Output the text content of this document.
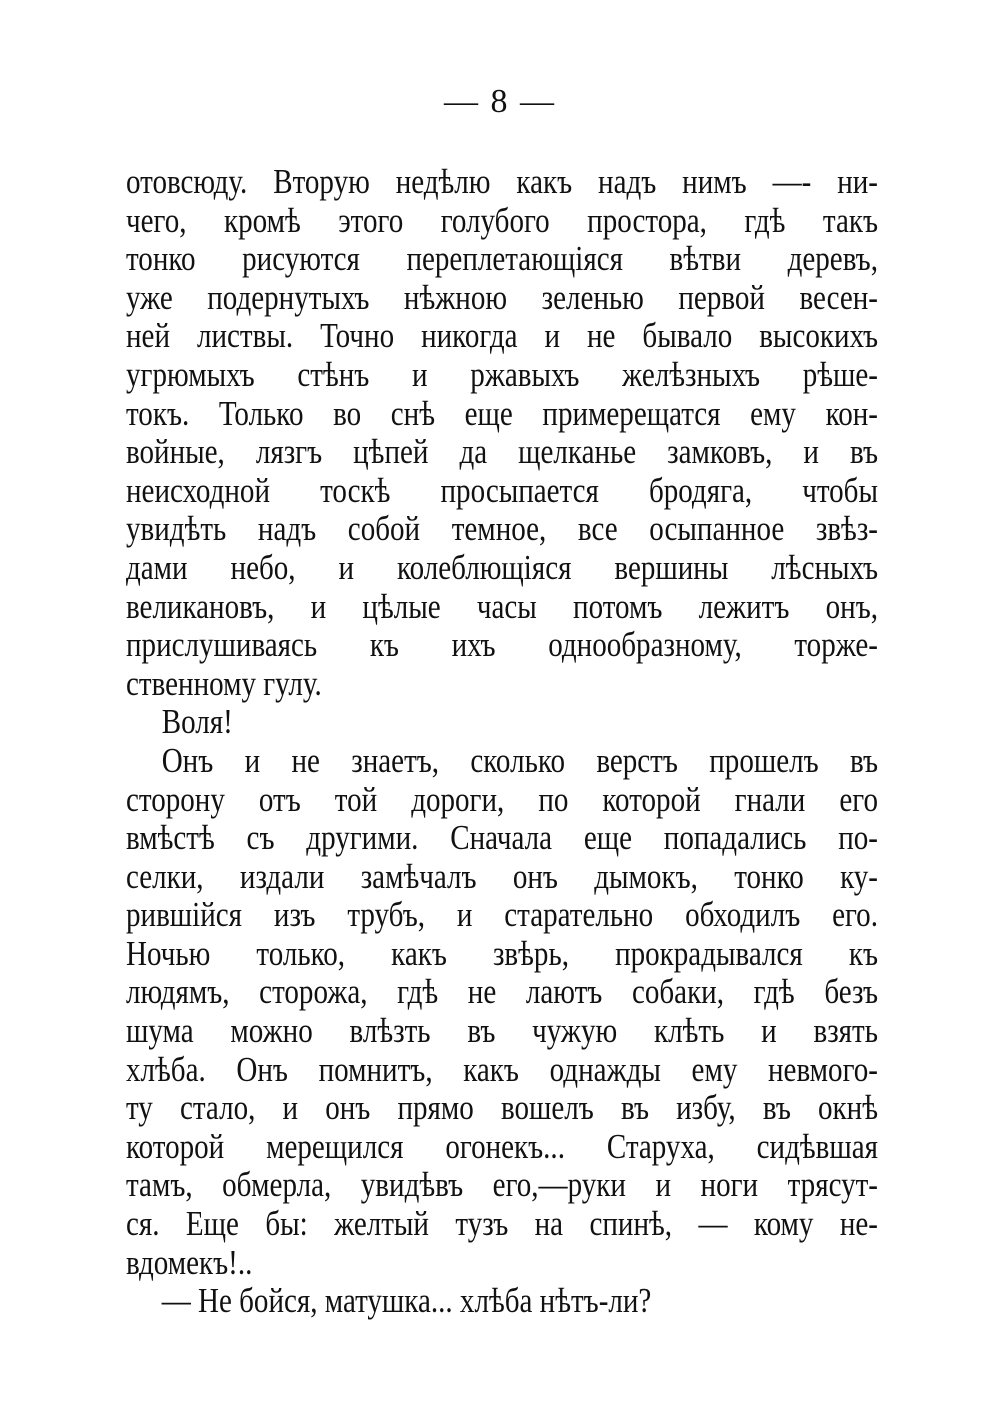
— 8 —
отовсюду. Вторую недѣлю какъ надъ нимъ —- ни-
чего, кромѣ этого голубого простора, гдѣ такъ
тонко рисуются переплетающіяся вѣтви деревъ,
уже подернутыхъ нѣжною зеленью первой весен-
ней листвы. Точно никогда и не бывало высокихъ
угрюмыхъ стѣнъ и ржавыхъ желѣзныхъ рѣше-
токъ. Только во снѣ еще примерещатся ему кон-
войные, лязгъ цѣпей да щелканье замковъ, и въ
неисходной тоскѣ просыпается бродяга, чтобы
увидѣть надъ собой темное, все осыпанное звѣз-
дами небо, и колеблющіяся вершины лѣсныхъ
великановъ, и цѣлые часы потомъ лежитъ онъ,
прислушиваясь къ ихъ однообразному, торже-
ственному гулу.
Воля!
Онъ и не знаетъ, сколько верстъ прошелъ въ
сторону отъ той дороги, по которой гнали его
вмѣстѣ съ другими. Сначала еще попадались по-
селки, издали замѣчалъ онъ дымокъ, тонко ку-
рившійся изъ трубъ, и старательно обходилъ его.
Ночью только, какъ звѣрь, прокрадывался къ
людямъ, сторожа, гдѣ не лаютъ собаки, гдѣ безъ
шума можно влѣзть въ чужую клѣть и взять
хлѣба. Онъ помнитъ, какъ однажды ему невмого-
ту стало, и онъ прямо вошелъ въ избу, въ окнѣ
которой мерещился огонекъ... Старуха, сидѣвшая
тамъ, обмерла, увидѣвъ его,—руки и ноги трясут-
ся. Еще бы: желтый тузъ на спинѣ, — кому не-
вдомекъ!..
— Не бойся, матушка... хлѣба нѣтъ-ли?
